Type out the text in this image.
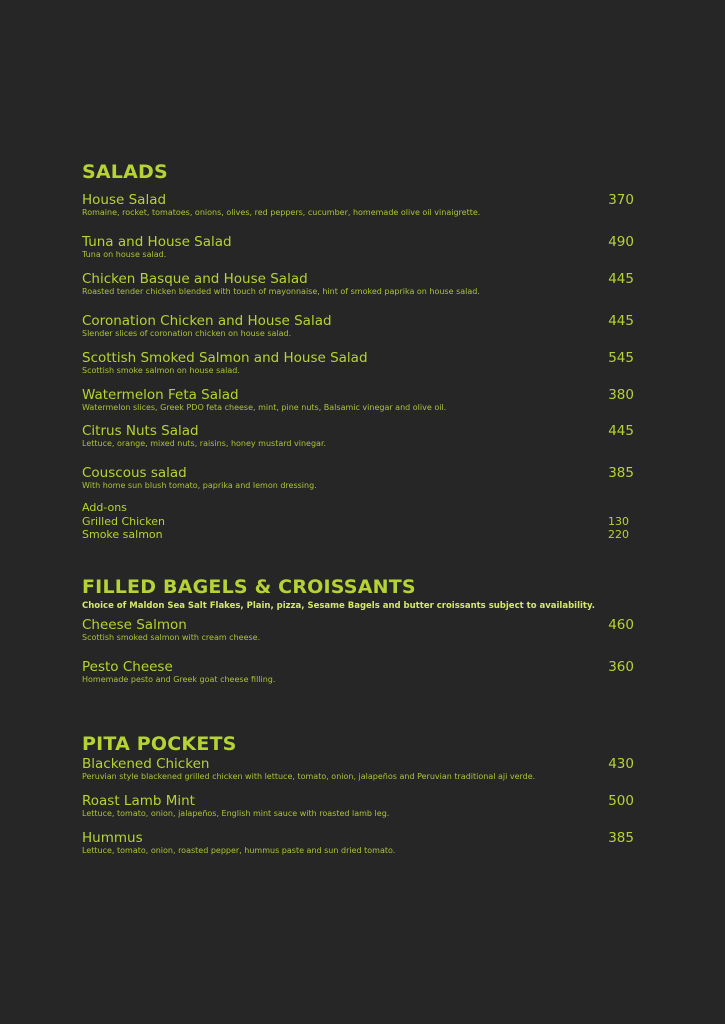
SALADS
House Salad
Romaine, rocket, tomatoes, onions, olives, red peppers, cucumber, homemade olive oil vinaigrette.
370
Tuna and House Salad
Tuna on house salad.
490
Chicken Basque and House Salad
Roasted tender chicken blended with touch of mayonnaise, hint of smoked paprika on house salad.
445
Coronation Chicken and House Salad
Slender slices of coronation chicken on house salad.
445
Scottish Smoked Salmon and House Salad
Scottish smoke salmon on house salad.
545
Watermelon Feta Salad
Watermelon slices, Greek PDO feta cheese, mint, pine nuts, Balsamic vinegar and olive oil.
380
Citrus Nuts Salad
Lettuce, orange, mixed nuts, raisins, honey mustard vinegar.
445
Couscous salad
With home sun blush tomato, paprika and lemon dressing.
385
Add-ons
Grilled Chicken	130
Smoke salmon	220
FILLED BAGELS & CROISSANTS
Choice of Maldon Sea Salt Flakes, Plain, pizza, Sesame Bagels and butter croissants subject to availability.
Cheese Salmon
Scottish smoked salmon with cream cheese.
460
Pesto Cheese
Homemade pesto and Greek goat cheese filling.
360
PITA POCKETS
Blackened Chicken
Peruvian style blackened grilled chicken with lettuce, tomato, onion, jalapeños and Peruvian traditional aji verde.
430
Roast Lamb Mint
Lettuce, tomato, onion, jalapeños, English mint sauce with roasted lamb leg.
500
Hummus
Lettuce, tomato, onion, roasted pepper, hummus paste and sun dried tomato.
385
